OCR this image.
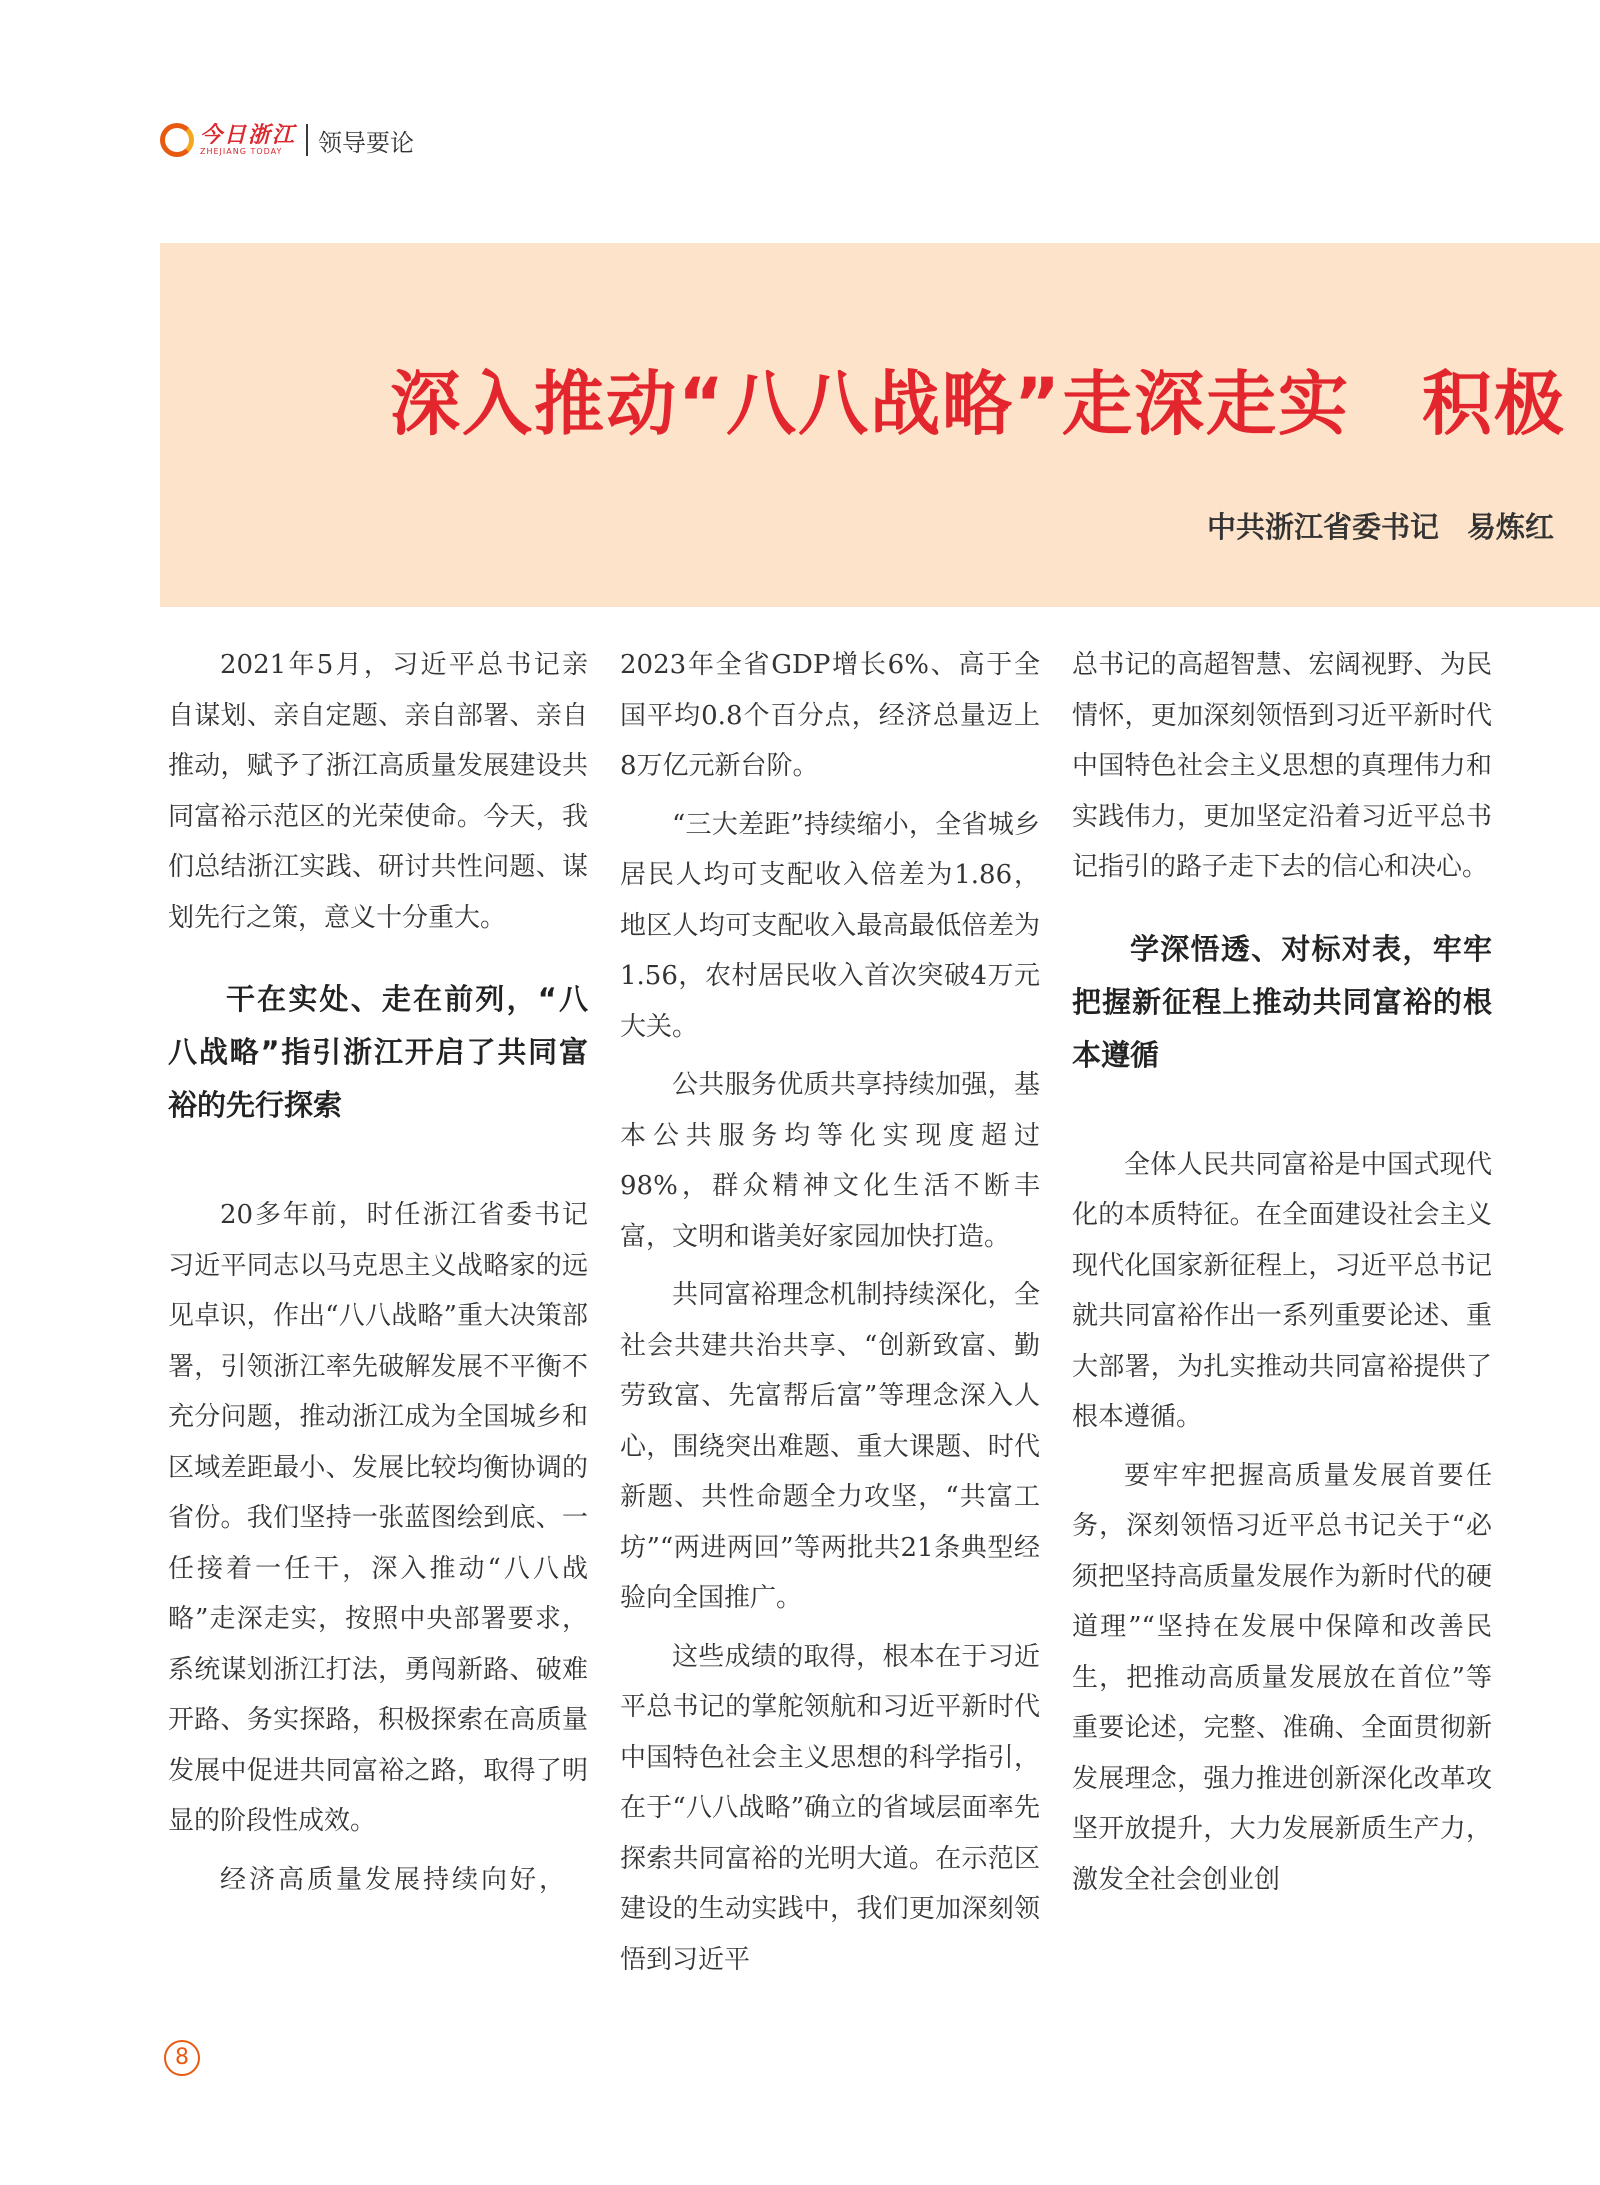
今日浙江
ZHEJIANG TODAY	领导要论
深入推动“八八战略”走深走实　积极
中共浙江省委书记 易炼红

2021年5月，习近平总书记亲自谋划、亲自定题、亲自部署、亲自推动，赋予了浙江高质量发展建设共同富裕示范区的光荣使命。今天，我们总结浙江实践、研讨共性问题、谋划先行之策，意义十分重大。

干在实处、走在前列，“八八战略”指引浙江开启了共同富裕的先行探索

20多年前，时任浙江省委书记习近平同志以马克思主义战略家的远见卓识，作出“八八战略”重大决策部署，引领浙江率先破解发展不平衡不充分问题，推动浙江成为全国城乡和区域差距最小、发展比较均衡协调的省份。我们坚持一张蓝图绘到底、一任接着一任干，深入推动“八八战略”走深走实，按照中央部署要求，系统谋划浙江打法，勇闯新路、破难开路、务实探路，积极探索在高质量发展中促进共同富裕之路，取得了明显的阶段性成效。

经济高质量发展持续向好，

2023年全省GDP增长6%、高于全国平均0.8个百分点，经济总量迈上8万亿元新台阶。

“三大差距”持续缩小，全省城乡居民人均可支配收入倍差为1.86，地区人均可支配收入最高最低倍差为1.56，农村居民收入首次突破4万元大关。

公共服务优质共享持续加强，基本公共服务均等化实现度超过98%，群众精神文化生活不断丰富，文明和谐美好家园加快打造。

共同富裕理念机制持续深化，全社会共建共治共享、“创新致富、勤劳致富、先富帮后富”等理念深入人心，围绕突出难题、重大课题、时代新题、共性命题全力攻坚，“共富工坊”“两进两回”等两批共21条典型经验向全国推广。

这些成绩的取得，根本在于习近平总书记的掌舵领航和习近平新时代中国特色社会主义思想的科学指引，在于“八八战略”确立的省域层面率先探索共同富裕的光明大道。在示范区建设的生动实践中，我们更加深刻领悟到习近平

总书记的高超智慧、宏阔视野、为民情怀，更加深刻领悟到习近平新时代中国特色社会主义思想的真理伟力和实践伟力，更加坚定沿着习近平总书记指引的路子走下去的信心和决心。

学深悟透、对标对表，牢牢把握新征程上推动共同富裕的根本遵循

全体人民共同富裕是中国式现代化的本质特征。在全面建设社会主义现代化国家新征程上，习近平总书记就共同富裕作出一系列重要论述、重大部署，为扎实推动共同富裕提供了根本遵循。

要牢牢把握高质量发展首要任务，深刻领悟习近平总书记关于“必须把坚持高质量发展作为新时代的硬道理”“坚持在发展中保障和改善民生，把推动高质量发展放在首位”等重要论述，完整、准确、全面贯彻新发展理念，强力推进创新深化改革攻坚开放提升，大力发展新质生产力，激发全社会创业创

8
